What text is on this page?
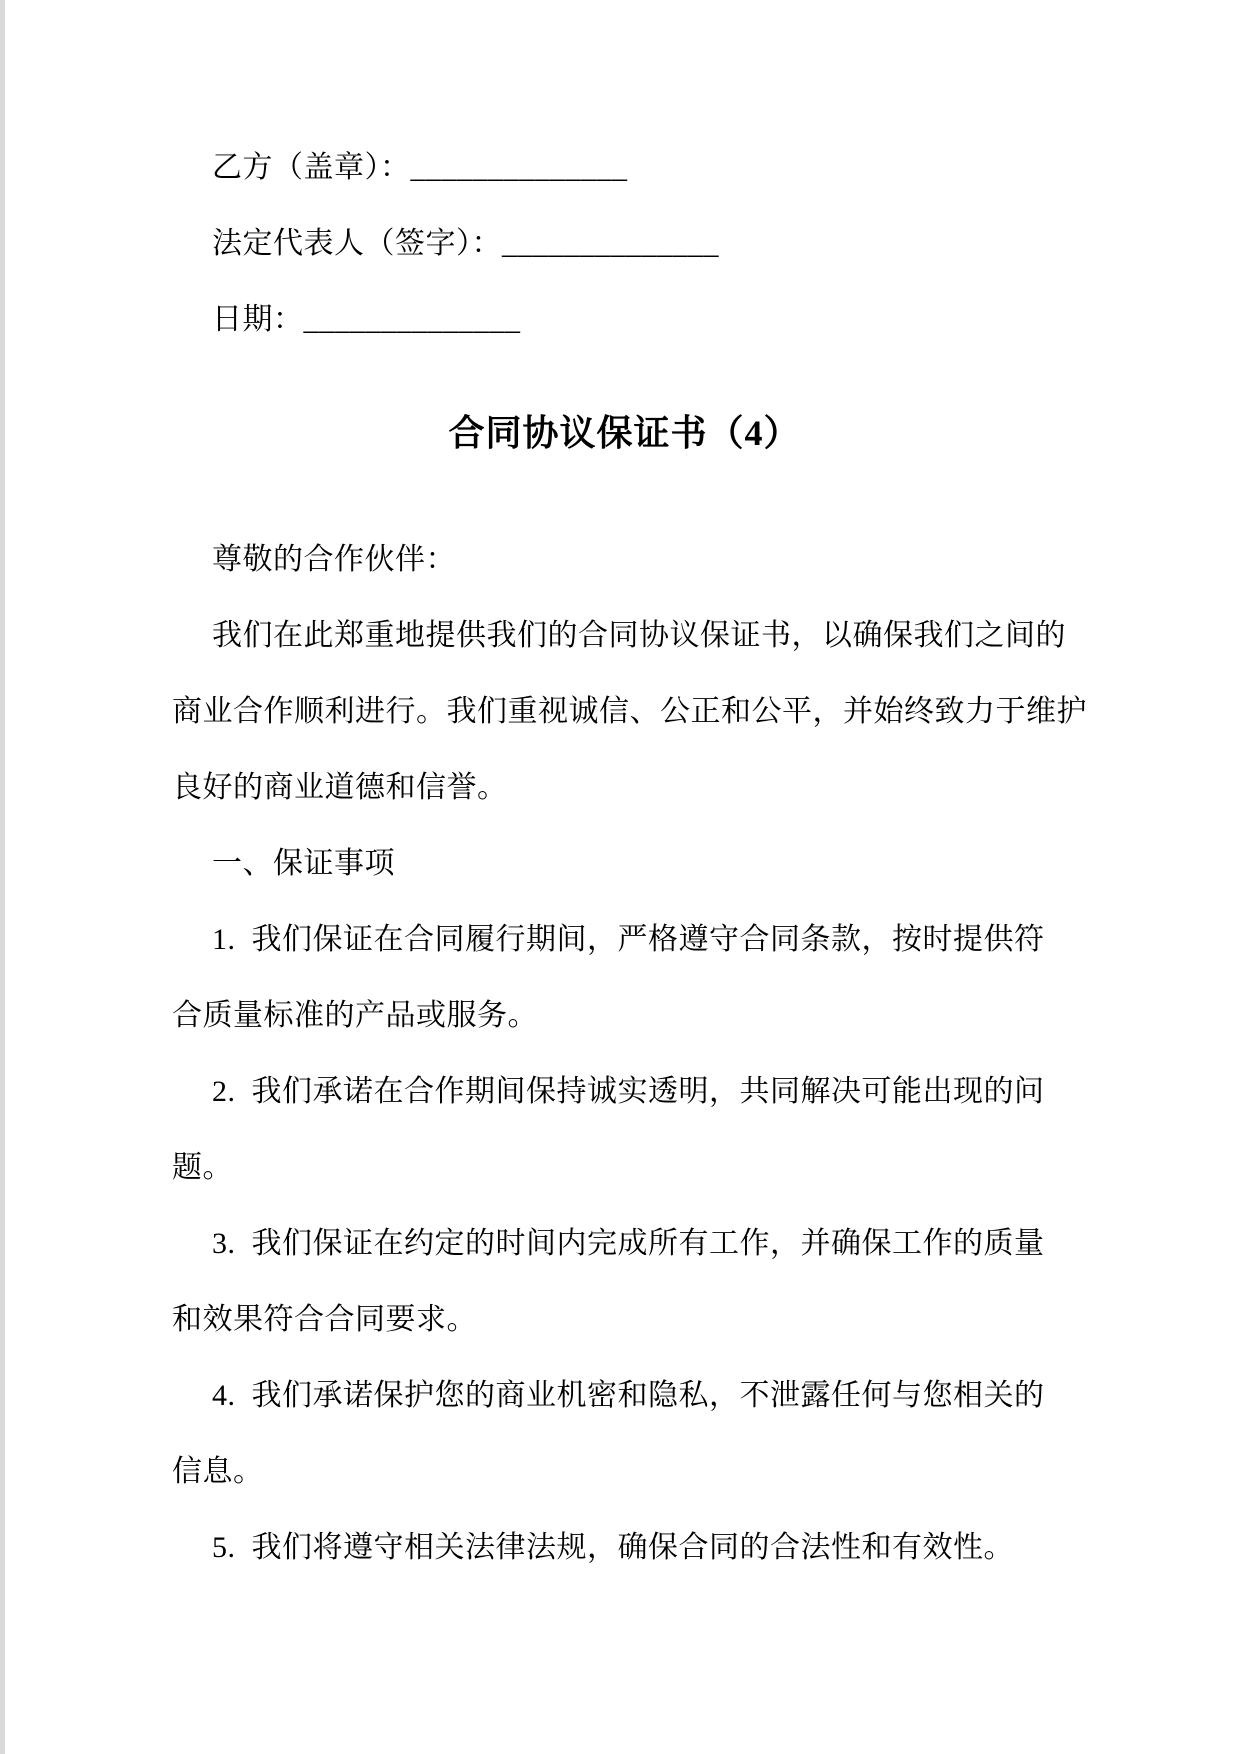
乙方（盖章）：______________
法定代表人（签字）：______________
日期：______________
合同协议保证书（4）
尊敬的合作伙伴：
我们在此郑重地提供我们的合同协议保证书，以确保我们之间的
商业合作顺利进行。我们重视诚信、公正和公平，并始终致力于维护
良好的商业道德和信誉。
一、保证事项
1.  我们保证在合同履行期间，严格遵守合同条款，按时提供符
合质量标准的产品或服务。
2.  我们承诺在合作期间保持诚实透明，共同解决可能出现的问
题。
3.  我们保证在约定的时间内完成所有工作，并确保工作的质量
和效果符合合同要求。
4.  我们承诺保护您的商业机密和隐私，不泄露任何与您相关的
信息。
5.  我们将遵守相关法律法规，确保合同的合法性和有效性。
